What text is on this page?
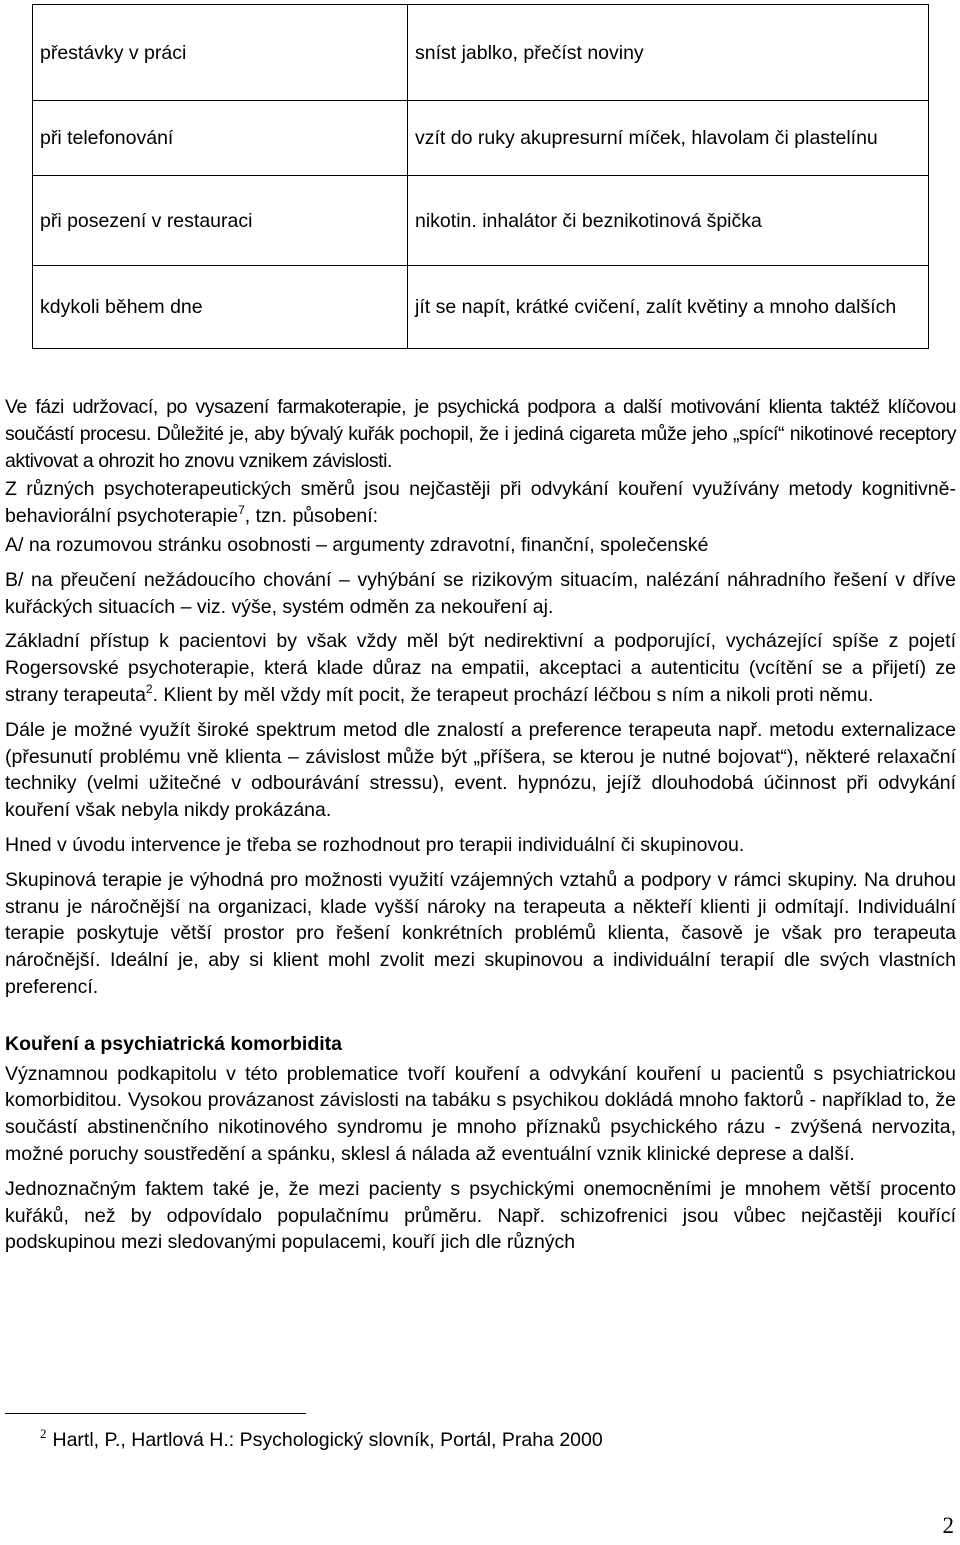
přestávky v práci	sníst jablko, přečíst noviny
při telefonování	vzít do ruky akupresurní míček, hlavolam či plastelínu
při posezení v restauraci	nikotin. inhalátor či beznikotinová špička
kdykoli během dne	jít se napít, krátké cvičení, zalít květiny a mnoho dalších

Ve fázi udržovací, po vysazení farmakoterapie, je psychická podpora a další motivování klienta taktéž klíčovou součástí procesu. Důležité je, aby bývalý kuřák pochopil, že i jediná cigareta může jeho „spící“ nikotinové receptory aktivovat a ohrozit ho znovu vznikem závislosti.

Z různých psychoterapeutických směrů jsou nejčastěji při odvykání kouření využívány metody kognitivně-behaviorální psychoterapie$^7$, tzn. působení:

A/ na rozumovou stránku osobnosti – argumenty zdravotní, finanční, společenské

B/ na přeučení nežádoucího chování – vyhýbání se rizikovým situacím, nalézání náhradního řešení v dříve kuřáckých situacích – viz. výše, systém odměn za nekouření aj.

Základní přístup k pacientovi by však vždy měl být nedirektivní a podporující, vycházející spíše z pojetí Rogersovské psychoterapie, která klade důraz na empatii, akceptaci a autenticitu (vcítění se a přijetí) ze strany terapeuta$^2$. Klient by měl vždy mít pocit, že terapeut prochází léčbou s ním a nikoli proti němu.

Dále je možné využít široké spektrum metod dle znalostí a preference terapeuta např. metodu externalizace (přesunutí problému vně klienta – závislost může být „příšera, se kterou je nutné bojovat“), některé relaxační techniky (velmi užitečné v odbourávání stressu), event. hypnózu, jejíž dlouhodobá účinnost při odvykání kouření však nebyla nikdy prokázána.

Hned v úvodu intervence je třeba se rozhodnout pro terapii individuální či skupinovou.

Skupinová terapie je výhodná pro možnosti využití vzájemných vztahů a podpory v rámci skupiny. Na druhou stranu je náročnější na organizaci, klade vyšší nároky na terapeuta a někteří klienti ji odmítají. Individuální terapie poskytuje větší prostor pro řešení konkrétních problémů klienta, časově je však pro terapeuta náročnější. Ideální je, aby si klient mohl zvolit mezi skupinovou a individuální terapií dle svých vlastních preferencí.

Kouření a psychiatrická komorbidita

Významnou podkapitolu v této problematice tvoří kouření a odvykání kouření u pacientů s psychiatrickou komorbiditou. Vysokou provázanost závislosti na tabáku s psychikou dokládá mnoho faktorů - například to, že součástí abstinenčního nikotinového syndromu je mnoho příznaků psychického rázu - zvýšená nervozita, možné poruchy soustředění a spánku, sklesl á nálada až eventuální vznik klinické deprese a další.

Jednoznačným faktem také je, že mezi pacienty s psychickými onemocněními je mnohem větší procento kuřáků, než by odpovídalo populačnímu průměru. Např. schizofrenici jsou vůbec nejčastěji kouřící podskupinou mezi sledovanými populacemi, kouří jich dle různých

$^2$ Hartl, P., Hartlová H.: Psychologický slovník, Portál, Praha 2000
2
